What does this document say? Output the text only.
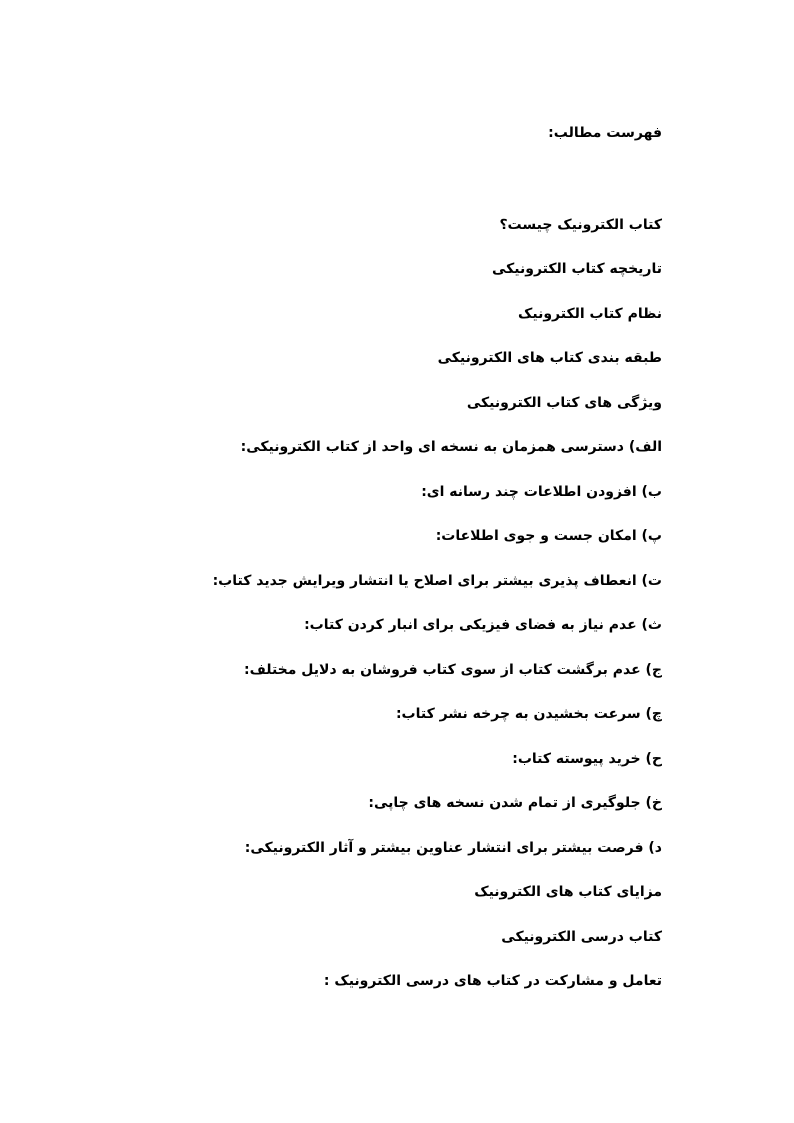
فهرست مطالب:
کتاب الکترونیک چیست؟
تاریخچه کتاب الکترونیکی
نظام کتاب الکترونیک
طبقه بندی کتاب های الکترونیکی
ویژگی های کتاب الکترونیکی
الف) دسترسی همزمان به نسخه ای واحد از کتاب الکترونیکی:
ب) افزودن اطلاعات چند رسانه ای:
پ) امکان جست و جوی اطلاعات:
ت) انعطاف پذیری بیشتر برای اصلاح یا انتشار ویرایش جدید کتاب:
ث) عدم نیاز به فضای فیزیکی برای انبار کردن کتاب:
ج) عدم برگشت کتاب از سوی کتاب فروشان به دلایل مختلف:
چ) سرعت بخشیدن به چرخه نشر کتاب:
ح) خرید پیوسته کتاب:
خ) جلوگیری از تمام شدن نسخه های چاپی:
د) فرصت بیشتر برای انتشار عناوین بیشتر و آثار الکترونیکی:
مزایای کتاب های الکترونیک
کتاب درسی الکترونیکی
تعامل و مشارکت در کتاب های درسی الکترونیک :
